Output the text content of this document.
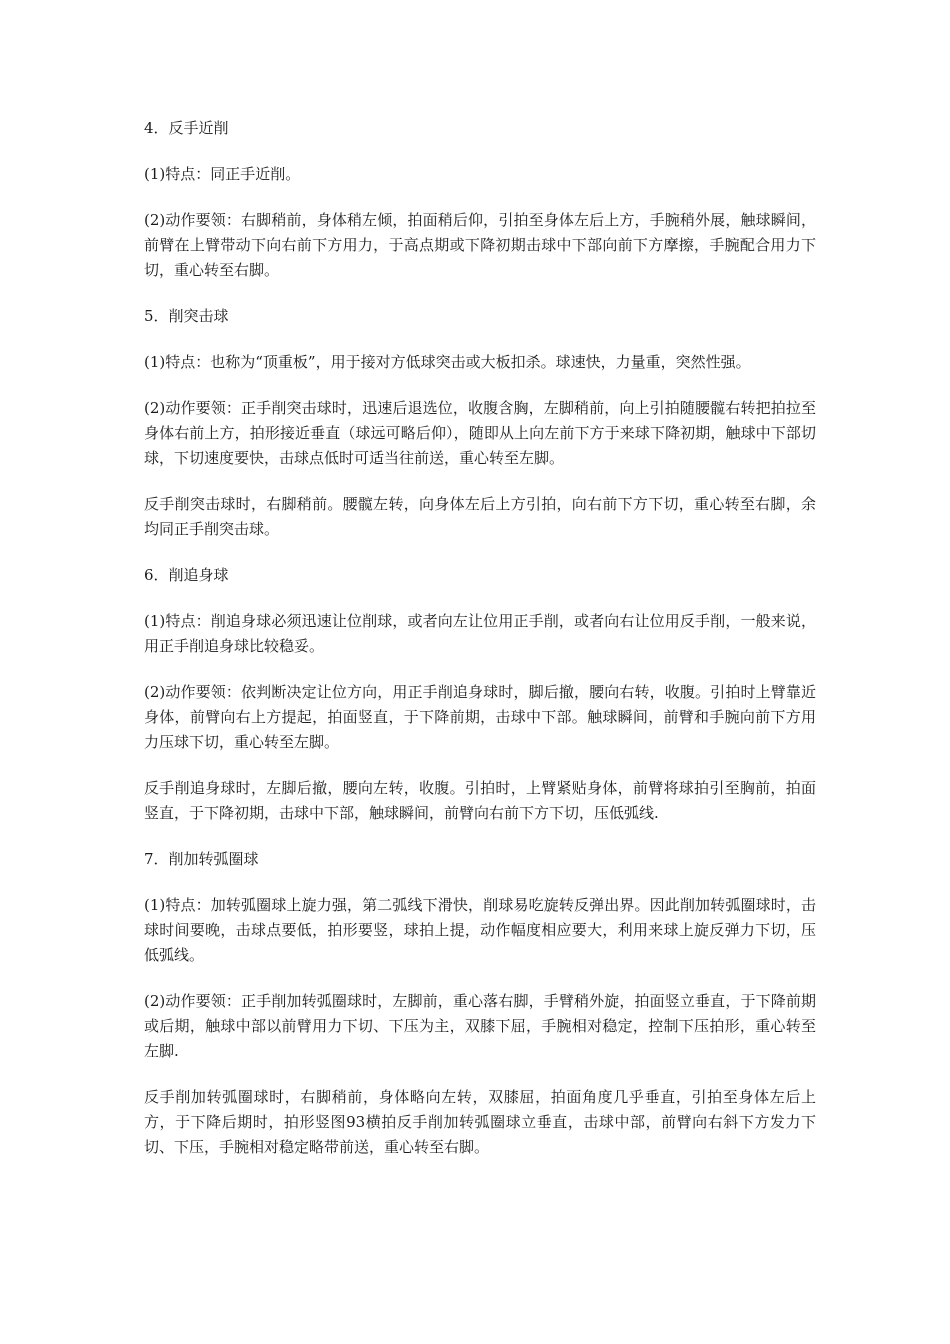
4．反手近削
(1)特点：同正手近削。
(2)动作要领：右脚稍前，身体稍左倾，拍面稍后仰，引拍至身体左后上方，手腕稍外展，触球瞬间，前臂在上臂带动下向右前下方用力，于高点期或下降初期击球中下部向前下方摩擦，手腕配合用力下切，重心转至右脚。
5．削突击球
(1)特点：也称为“顶重板”，用于接对方低球突击或大板扣杀。球速快，力量重，突然性强。
(2)动作要领：正手削突击球时，迅速后退选位，收腹含胸，左脚稍前，向上引拍随腰髋右转把拍拉至身体右前上方，拍形接近垂直（球远可略后仰），随即从上向左前下方于来球下降初期，触球中下部切球，下切速度要快，击球点低时可适当往前送，重心转至左脚。
反手削突击球时，右脚稍前。腰髋左转，向身体左后上方引拍，向右前下方下切，重心转至右脚，余均同正手削突击球。
6．削追身球
(1)特点：削追身球必须迅速让位削球，或者向左让位用正手削，或者向右让位用反手削，一般来说，用正手削追身球比较稳妥。
(2)动作要领：依判断决定让位方向，用正手削追身球时，脚后撤，腰向右转，收腹。引拍时上臂靠近身体，前臂向右上方提起，拍面竖直，于下降前期，击球中下部。触球瞬间，前臂和手腕向前下方用力压球下切，重心转至左脚。
反手削追身球时，左脚后撤，腰向左转，收腹。引拍时，上臂紧贴身体，前臂将球拍引至胸前，拍面竖直，于下降初期，击球中下部，触球瞬间，前臂向右前下方下切，压低弧线.
7．削加转弧圈球
(1)特点：加转弧圈球上旋力强，第二弧线下滑快，削球易吃旋转反弹出界。因此削加转弧圈球时，击球时间要晚，击球点要低，拍形要竖，球拍上提，动作幅度相应要大，利用来球上旋反弹力下切，压低弧线。
(2)动作要领：正手削加转弧圈球时，左脚前，重心落右脚，手臂稍外旋，拍面竖立垂直，于下降前期或后期，触球中部以前臂用力下切、下压为主，双膝下屈，手腕相对稳定，控制下压拍形，重心转至左脚.
反手削加转弧圈球时，右脚稍前，身体略向左转，双膝屈，拍面角度几乎垂直，引拍至身体左后上方，于下降后期时，拍形竖图93横拍反手削加转弧圈球立垂直，击球中部，前臂向右斜下方发力下切、下压，手腕相对稳定略带前送，重心转至右脚。
